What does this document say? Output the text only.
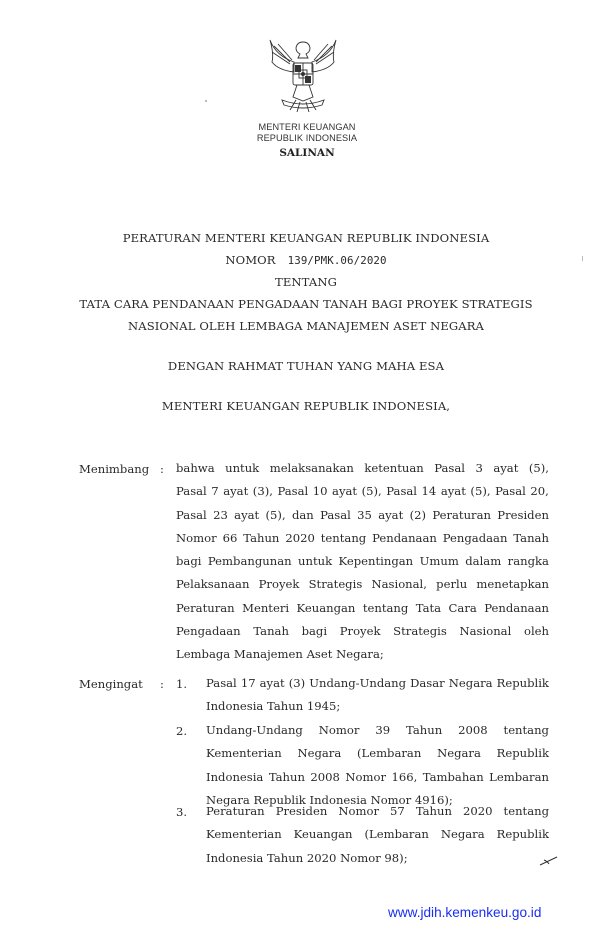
MENTERI KEUANGAN
REPUBLIK INDONESIA
SALINAN
PERATURAN MENTERI KEUANGAN REPUBLIK INDONESIA
NOMOR 139/PMK.06/2020
TENTANG
TATA CARA PENDANAAN PENGADAAN TANAH BAGI PROYEK STRATEGIS
NASIONAL OLEH LEMBAGA MANAJEMEN ASET NEGARA
DENGAN RAHMAT TUHAN YANG MAHA ESA
MENTERI KEUANGAN REPUBLIK INDONESIA,
Menimbang : bahwa untuk melaksanakan ketentuan Pasal 3 ayat (5),
Pasal 7 ayat (3), Pasal 10 ayat (5), Pasal 14 ayat (5), Pasal 20,
Pasal 23 ayat (5), dan Pasal 35 ayat (2) Peraturan Presiden
Nomor 66 Tahun 2020 tentang Pendanaan Pengadaan Tanah
bagi Pembangunan untuk Kepentingan Umum dalam rangka
Pelaksanaan Proyek Strategis Nasional, perlu menetapkan
Peraturan Menteri Keuangan tentang Tata Cara Pendanaan
Pengadaan Tanah bagi Proyek Strategis Nasional oleh
Lembaga Manajemen Aset Negara;
Mengingat : 1. Pasal 17 ayat (3) Undang-Undang Dasar Negara Republik
Indonesia Tahun 1945;
2. Undang-Undang Nomor 39 Tahun 2008 tentang
Kementerian Negara (Lembaran Negara Republik
Indonesia Tahun 2008 Nomor 166, Tambahan Lembaran
Negara Republik Indonesia Nomor 4916);
3. Peraturan Presiden Nomor 57 Tahun 2020 tentang
Kementerian Keuangan (Lembaran Negara Republik
Indonesia Tahun 2020 Nomor 98);
www.jdih.kemenkeu.go.id
